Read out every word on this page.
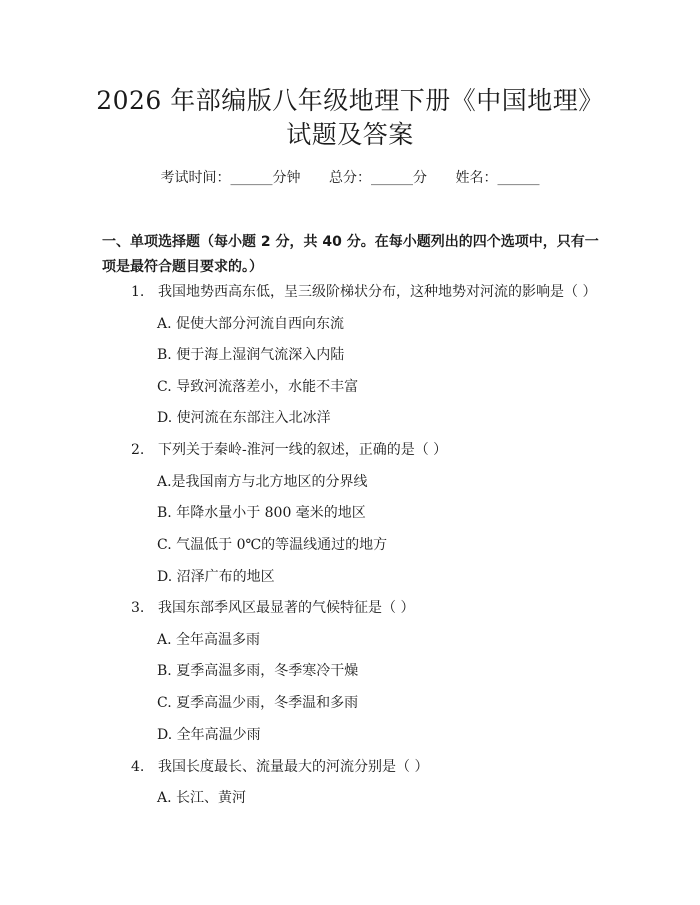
2026 年部编版八年级地理下册《中国地理》
试题及答案
考试时间：______分钟 总分：______分 姓名：______
一、单项选择题（每小题 2 分，共 40 分。在每小题列出的四个选项中，只有一项是最符合题目要求的。）
1. 我国地势西高东低，呈三级阶梯状分布，这种地势对河流的影响是（ ）
A. 促使大部分河流自西向东流
B. 便于海上湿润气流深入内陆
C. 导致河流落差小，水能不丰富
D. 使河流在东部注入北冰洋
2. 下列关于秦岭-淮河一线的叙述，正确的是（ ）
A.是我国南方与北方地区的分界线
B. 年降水量小于 800 毫米的地区
C. 气温低于 0℃的等温线通过的地方
D. 沼泽广布的地区
3. 我国东部季风区最显著的气候特征是（ ）
A. 全年高温多雨
B. 夏季高温多雨，冬季寒冷干燥
C. 夏季高温少雨，冬季温和多雨
D. 全年高温少雨
4. 我国长度最长、流量最大的河流分别是（ ）
A. 长江、黄河
